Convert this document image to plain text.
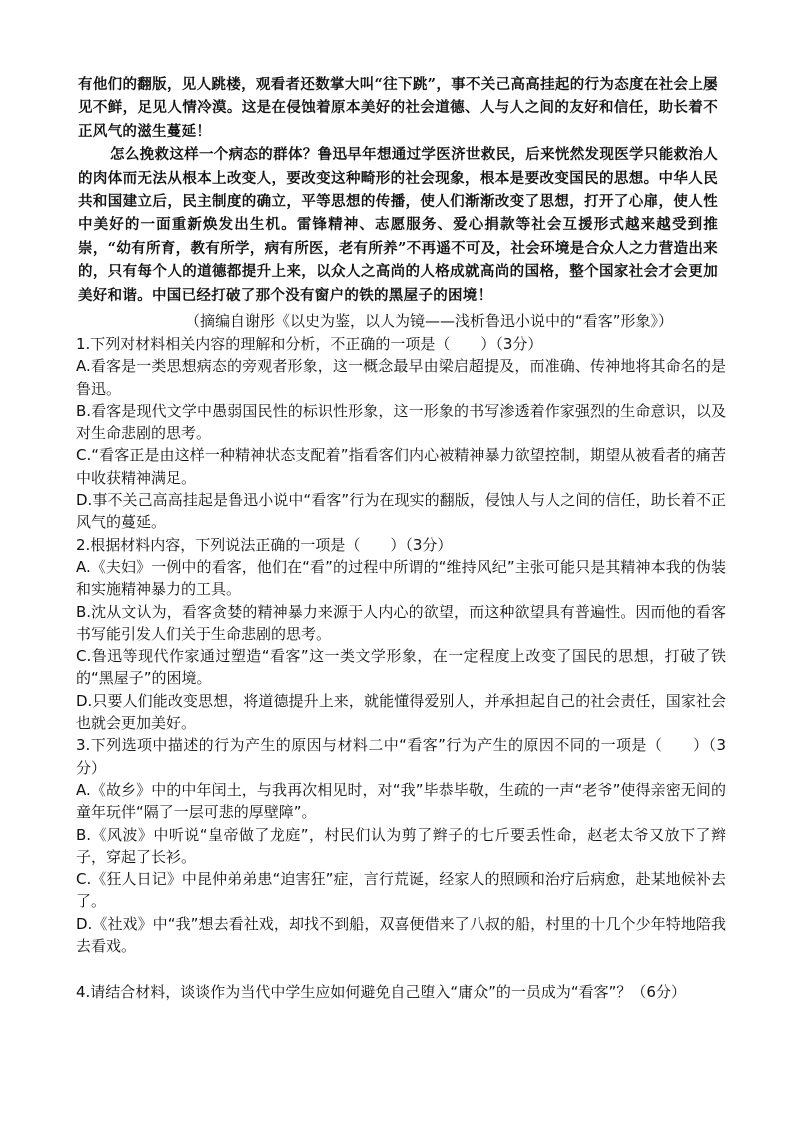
有他们的翻版，见人跳楼，观看者还数掌大叫“往下跳”，事不关己高高挂起的行为态度在社会上屡见不鲜，足见人情冷漠。这是在侵蚀着原本美好的社会道德、人与人之间的友好和信任，助长着不正风气的滋生蔓延！

怎么挽救这样一个病态的群体？鲁迅早年想通过学医济世救民，后来恍然发现医学只能救治人的肉体而无法从根本上改变人，要改变这种畸形的社会现象，根本是要改变国民的思想。中华人民共和国建立后，民主制度的确立，平等思想的传播，使人们渐渐改变了思想，打开了心扉，使人性中美好的一面重新焕发出生机。雷锋精神、志愿服务、爱心捐款等社会互援形式越来越受到推崇，“幼有所育，教有所学，病有所医，老有所养”不再遥不可及，社会环境是合众人之力营造出来的，只有每个人的道德都提升上来，以众人之高尚的人格成就高尚的国格，整个国家社会才会更加美好和谐。中国已经打破了那个没有窗户的铁的黑屋子的困境！

（摘编自谢彤《以史为鉴，以人为镜——浅析鲁迅小说中的“看客”形象》）

1.下列对材料相关内容的理解和分析，不正确的一项是（　　）（3分）

A.看客是一类思想病态的旁观者形象，这一概念最早由梁启超提及，而准确、传神地将其命名的是鲁迅。

B.看客是现代文学中愚弱国民性的标识性形象，这一形象的书写渗透着作家强烈的生命意识，以及对生命悲剧的思考。

C.“看客正是由这样一种精神状态支配着”指看客们内心被精神暴力欲望控制，期望从被看者的痛苦中收获精神满足。

D.事不关己高高挂起是鲁迅小说中“看客”行为在现实的翻版，侵蚀人与人之间的信任，助长着不正风气的蔓延。

2.根据材料内容，下列说法正确的一项是（　　）（3分）

A.《夫妇》一例中的看客，他们在“看”的过程中所谓的“维持风纪”主张可能只是其精神本我的伪装和实施精神暴力的工具。

B.沈从文认为，看客贪婪的精神暴力来源于人内心的欲望，而这种欲望具有普遍性。因而他的看客书写能引发人们关于生命悲剧的思考。

C.鲁迅等现代作家通过塑造“看客”这一类文学形象，在一定程度上改变了国民的思想，打破了铁的“黑屋子”的困境。

D.只要人们能改变思想，将道德提升上来，就能懂得爱别人，并承担起自己的社会责任，国家社会也就会更加美好。

3.下列选项中描述的行为产生的原因与材料二中“看客”行为产生的原因不同的一项是（　　）（3分）

A.《故乡》中的中年闰土，与我再次相见时，对“我”毕恭毕敬，生疏的一声“老爷”使得亲密无间的童年玩伴“隔了一层可悲的厚壁障”。

B.《风波》中听说“皇帝做了龙庭”，村民们认为剪了辫子的七斤要丢性命，赵老太爷又放下了辫子，穿起了长衫。

C.《狂人日记》中昆仲弟弟患“迫害狂”症，言行荒诞，经家人的照顾和治疗后病愈，赴某地候补去了。

D.《社戏》中“我”想去看社戏，却找不到船，双喜便借来了八叔的船，村里的十几个少年特地陪我去看戏。

4.请结合材料，谈谈作为当代中学生应如何避免自己堕入“庸众”的一员成为“看客”？（6分）
